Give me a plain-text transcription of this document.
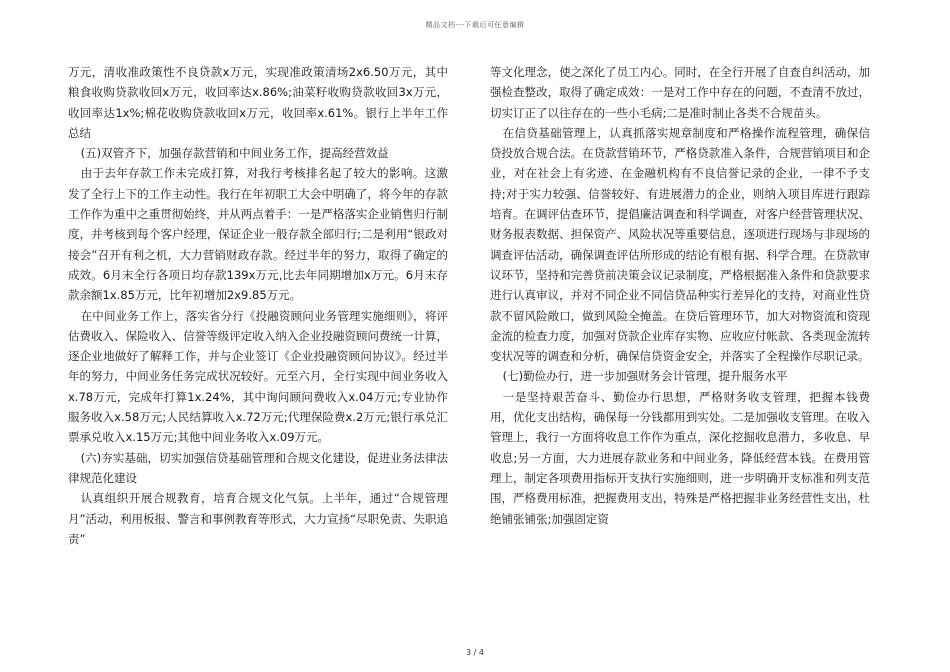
精品文档---下载后可任意编辑

万元，清收准政策性不良贷款x万元，实现准政策清场2x6.50万元，其中粮食收购贷款收回x万元，收回率达x.86%;油菜籽收购贷款收回3x万元，收回率达1x%;棉花收购贷款收回x万元，收回率x.61%。银行上半年工作总结

(五)双管齐下，加强存款营销和中间业务工作，提高经营效益

由于去年存款工作未完成打算，对我行考核排名起了较大的影响。这激发了全行上下的工作主动性。我行在年初职工大会中明确了，将今年的存款工作作为重中之重贯彻始终，并从两点着手：一是严格落实企业销售归行制度，并考核到每个客户经理，保证企业一般存款全部归行;二是利用“银政对接会”召开有利之机，大力营销财政存款。经过半年的努力，取得了确定的成效。6月末全行各项日均存款139x万元,比去年同期增加x万元。6月末存款余额1x.85万元，比年初增加2x9.85万元。

在中间业务工作上，落实省分行《投融资顾问业务管理实施细则》，将评估费收入、保险收入、信誉等级评定收入纳入企业投融资顾问费统一计算，逐企业地做好了解释工作，并与企业签订《企业投融资顾问协议》。经过半年的努力，中间业务任务完成状况较好。元至六月，全行实现中间业务收入x.78万元，完成年打算1x.24%，其中询问顾问费收入x.04万元;专业协作服务收入x.58万元;人民结算收入x.72万元;代理保险费x.2万元;银行承兑汇票承兑收入x.15万元;其他中间业务收入x.09万元。

(六)夯实基础，切实加强信贷基础管理和合规文化建设，促进业务法律法律规范化建设

认真组织开展合规教育，培育合规文化气氛。上半年，通过“合规管理月”活动，利用板报、警言和事例教育等形式，大力宣扬“尽职免责、失职追责”

等文化理念，使之深化了员工内心。同时，在全行开展了自查自纠活动，加强检查整改，取得了确定成效：一是对工作中存在的问题，不查清不放过，切实订正了以往存在的一些小毛病;二是准时制止各类不合规苗头。

在信贷基础管理上，认真抓落实规章制度和严格操作流程管理，确保信贷投放合规合法。在贷款营销环节，严格贷款准入条件，合规营销项目和企业，对在社会上有劣迹、在金融机构有不良信誉记录的企业，一律不予支持;对于实力较强、信誉较好、有进展潜力的企业，则纳入项目库进行跟踪培育。在调评估查环节，提倡廉洁调查和科学调查，对客户经营管理状况、财务报表数据、担保资产、风险状况等重要信息，逐项进行现场与非现场的调查评估活动，确保调查评估所形成的结论有根有据、科学合理。在贷款审议环节，坚持和完善贷前决策会议记录制度，严格根据准入条件和贷款要求进行认真审议，并对不同企业不同信贷品种实行差异化的支持，对商业性贷款不留风险敞口，做到风险全掩盖。在贷后管理环节，加大对物资流和资现金流的检查力度，加强对贷款企业库存实物、应收应付帐款、各类现金流转变状况等的调查和分析，确保信贷资金安全，并落实了全程操作尽职记录。

(七)勤俭办行，进一步加强财务会计管理，提升服务水平

一是坚持艰苦奋斗、勤俭办行思想，严格财务收支管理，把握本钱费用，优化支出结构，确保每一分钱都用到实处。二是加强收支管理。在收入管理上，我行一方面将收息工作作为重点，深化挖掘收息潜力，多收息、早收息;另一方面，大力进展存款业务和中间业务，降低经营本钱。在费用管理上，制定各项费用指标开支执行实施细则，进一步明确开支标准和列支范围，严格费用标准，把握费用支出，特殊是严格把握非业务经营性支出，杜绝铺张铺张;加强固定资

3 / 4
